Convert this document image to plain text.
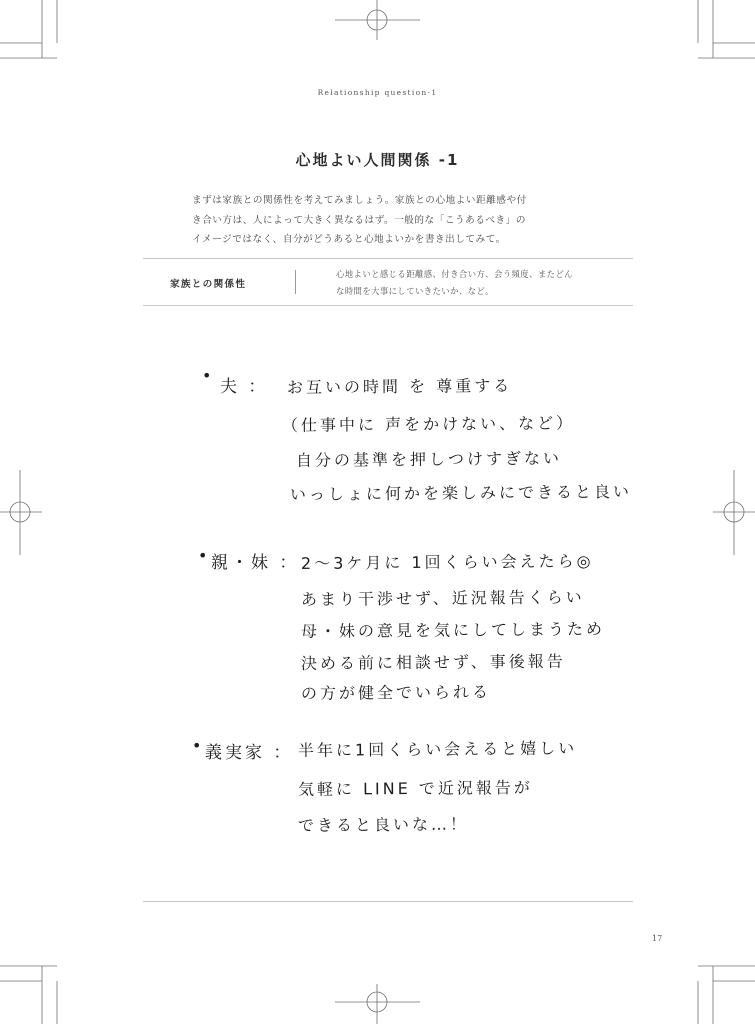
Relationship question-1
心地よい人間関係 -1
まずは家族との関係性を考えてみましょう。家族との心地よい距離感や付
き合い方は、人によって大きく異なるはず。一般的な「こうあるべき」の
イメージではなく、自分がどうあると心地よいかを書き出してみて。
家族との関係性
心地よいと感じる距離感、付き合い方、会う頻度、またどん
な時間を大事にしていきたいか、など。
•
夫 ： お互いの時間 を 尊重する
（仕事中に 声をかけない、など）
自分の基準を押しつけすぎない
いっしょに何かを楽しみにできると良い
• 親・妹 ： 2〜3ケ月に 1回くらい会えたら◎
あまり干渉せず、近況報告くらい
母・妹の意見を気にしてしまうため
決める前に相談せず、事後報告
の方が健全でいられる
• 義実家 ： 半年に1回くらい会えると嬉しい
気軽に LINE で近況報告が
できると良いな…！
17
